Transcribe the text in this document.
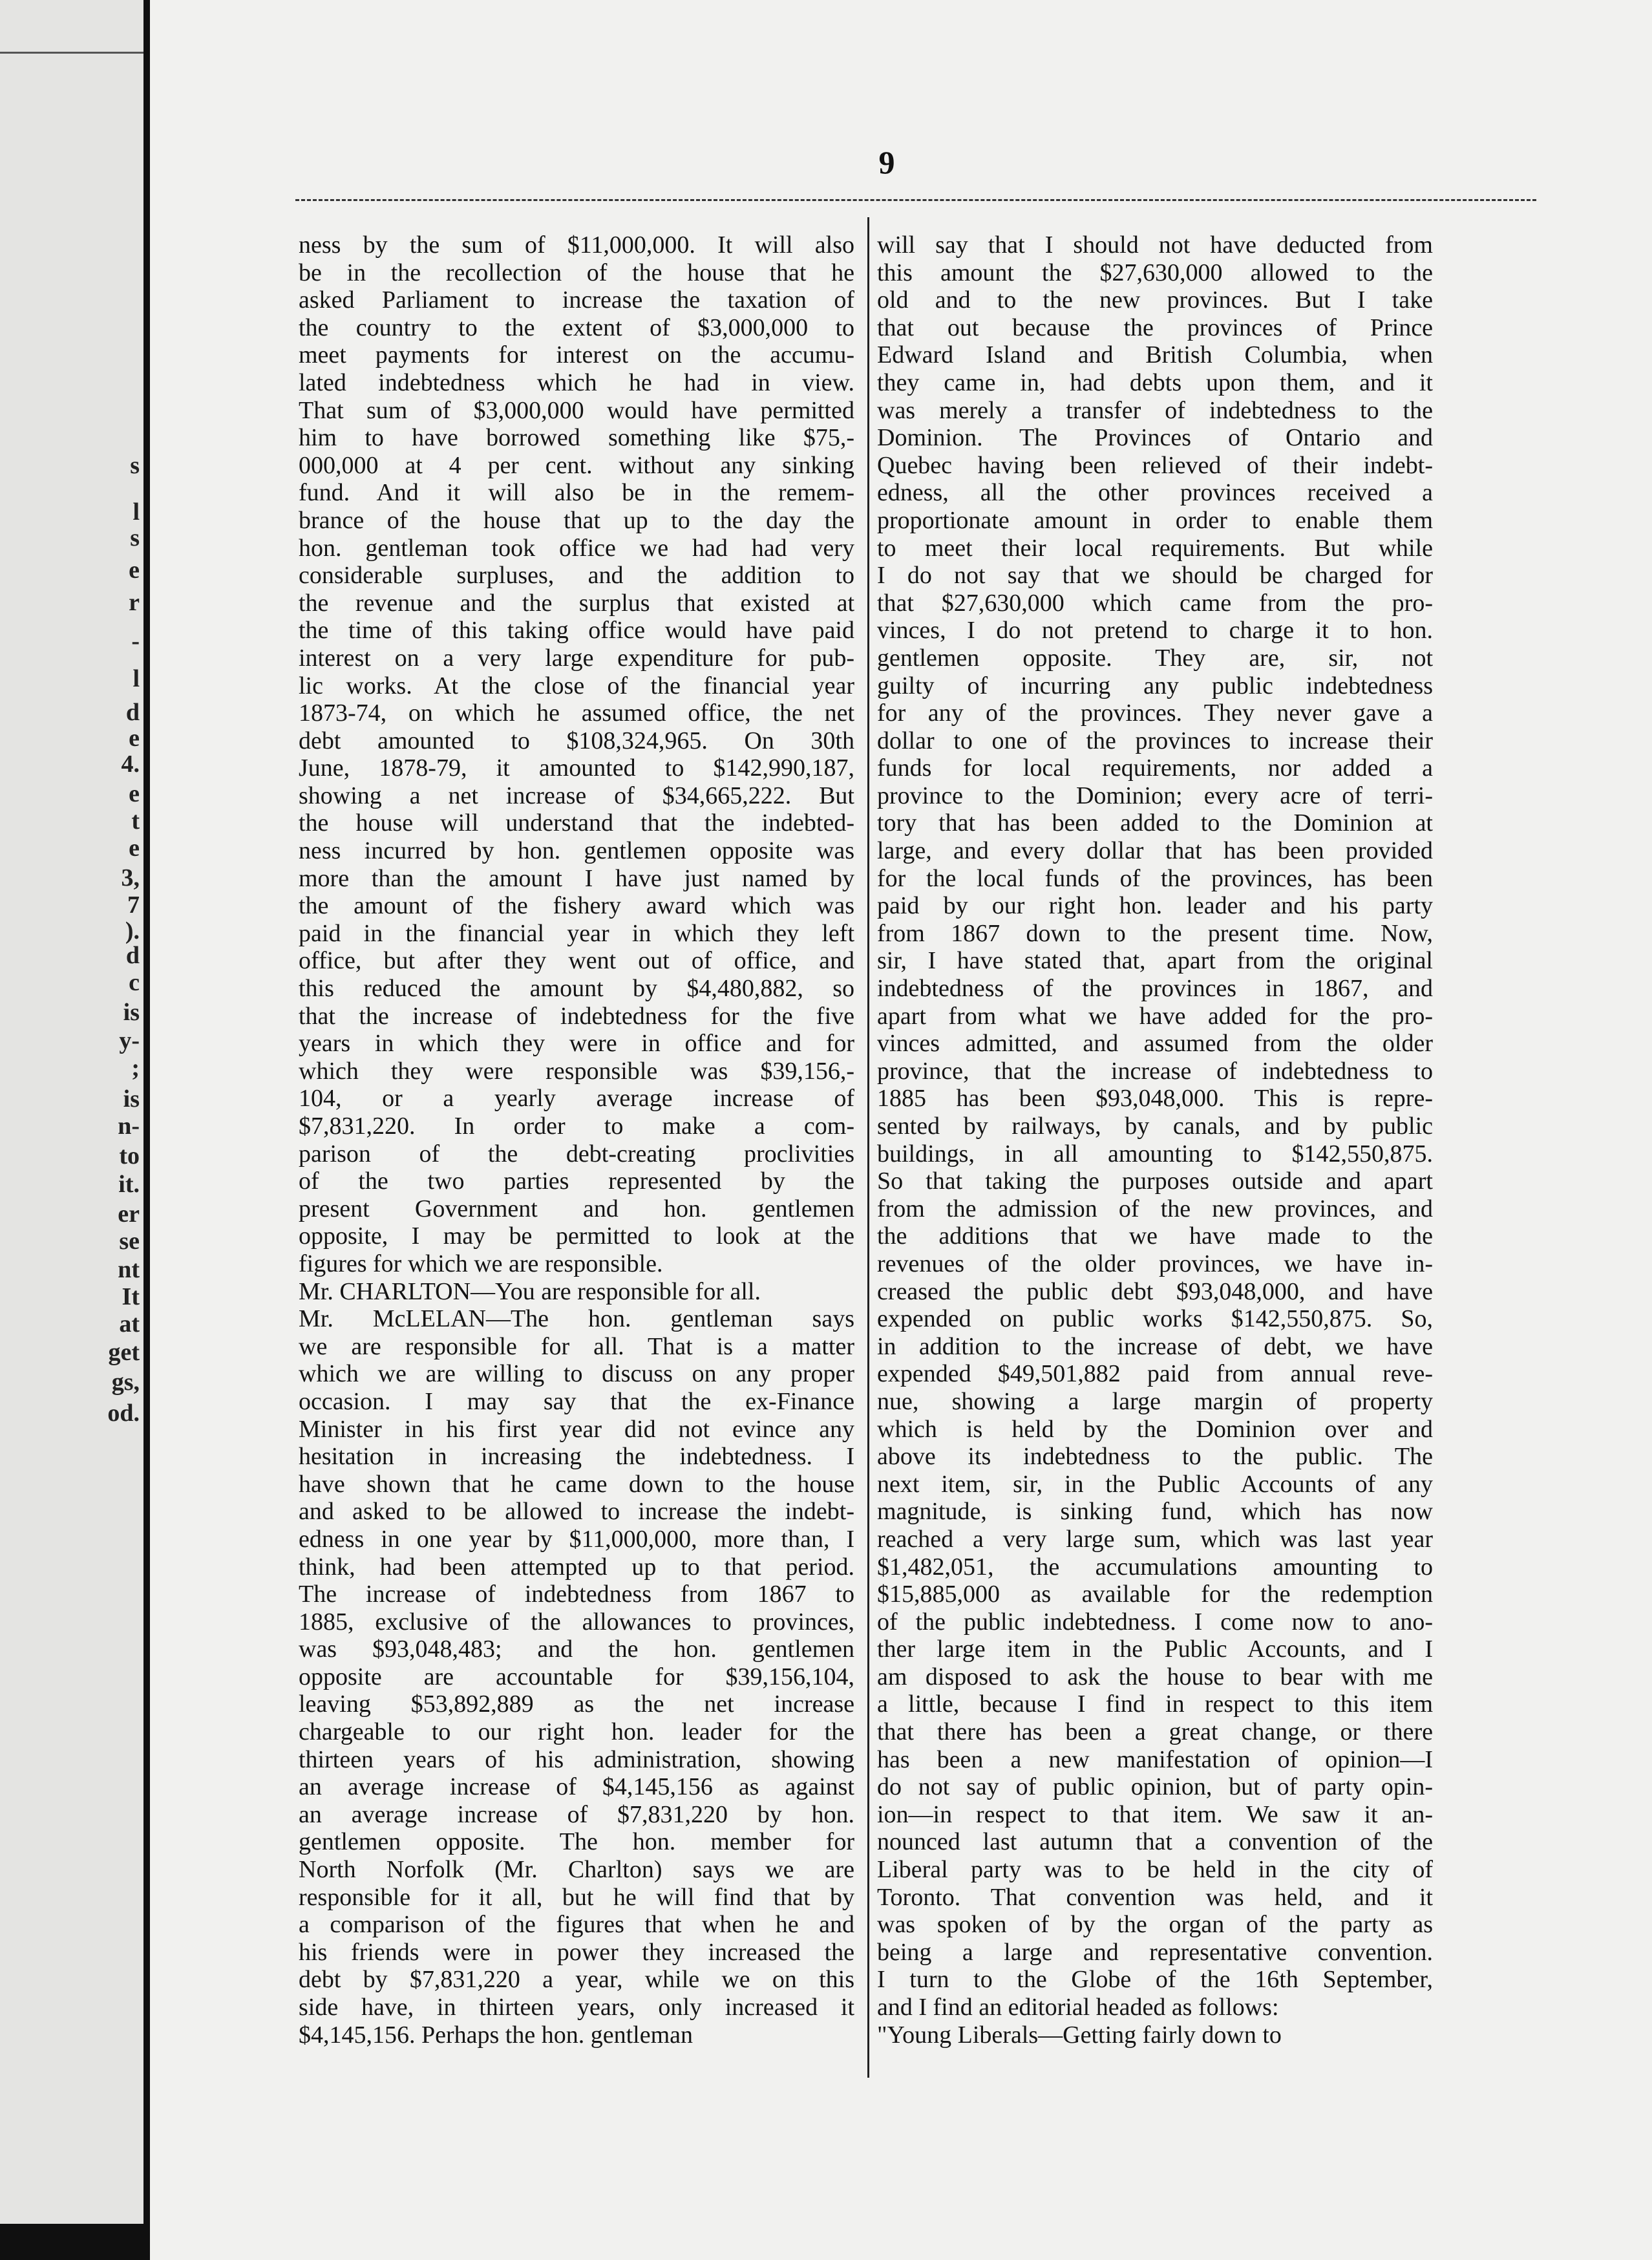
s
l
s
e
r
-
l
d
e
4.
e
t
e
3,
7
).
d
c
is
y-
;
is
n-
to
it.
er
se
nt
It
at
get
gs,
od.
9
ness by the sum of $11,000,000. It will also
be in the recollection of the house that he
asked Parliament to increase the taxation of
the country to the extent of $3,000,000 to
meet payments for interest on the accumu-
lated indebtedness which he had in view.
That sum of $3,000,000 would have permitted
him to have borrowed something like $75,-
000,000 at 4 per cent. without any sinking
fund. And it will also be in the remem-
brance of the house that up to the day the
hon. gentleman took office we had had very
considerable surpluses, and the addition to
the revenue and the surplus that existed at
the time of this taking office would have paid
interest on a very large expenditure for pub-
lic works. At the close of the financial year
1873-74, on which he assumed office, the net
debt amounted to $108,324,965. On 30th
June, 1878-79, it amounted to $142,990,187,
showing a net increase of $34,665,222. But
the house will understand that the indebted-
ness incurred by hon. gentlemen opposite was
more than the amount I have just named by
the amount of the fishery award which was
paid in the financial year in which they left
office, but after they went out of office, and
this reduced the amount by $4,480,882, so
that the increase of indebtedness for the five
years in which they were in office and for
which they were responsible was $39,156,-
104, or a yearly average increase of
$7,831,220. In order to make a com-
parison of the debt-creating proclivities
of the two parties represented by the
present Government and hon. gentlemen
opposite, I may be permitted to look at the
figures for which we are responsible.
Mr. CHARLTON—You are responsible for all.
Mr. McLELAN—The hon. gentleman says
we are responsible for all. That is a matter
which we are willing to discuss on any proper
occasion. I may say that the ex-Finance
Minister in his first year did not evince any
hesitation in increasing the indebtedness. I
have shown that he came down to the house
and asked to be allowed to increase the indebt-
edness in one year by $11,000,000, more than, I
think, had been attempted up to that period.
The increase of indebtedness from 1867 to
1885, exclusive of the allowances to provinces,
was $93,048,483; and the hon. gentlemen
opposite are accountable for $39,156,104,
leaving $53,892,889 as the net increase
chargeable to our right hon. leader for the
thirteen years of his administration, showing
an average increase of $4,145,156 as against
an average increase of $7,831,220 by hon.
gentlemen opposite. The hon. member for
North Norfolk (Mr. Charlton) says we are
responsible for it all, but he will find that by
a comparison of the figures that when he and
his friends were in power they increased the
debt by $7,831,220 a year, while we on this
side have, in thirteen years, only increased it
$4,145,156. Perhaps the hon. gentleman
will say that I should not have deducted from
this amount the $27,630,000 allowed to the
old and to the new provinces. But I take
that out because the provinces of Prince
Edward Island and British Columbia, when
they came in, had debts upon them, and it
was merely a transfer of indebtedness to the
Dominion. The Provinces of Ontario and
Quebec having been relieved of their indebt-
edness, all the other provinces received a
proportionate amount in order to enable them
to meet their local requirements. But while
I do not say that we should be charged for
that $27,630,000 which came from the pro-
vinces, I do not pretend to charge it to hon.
gentlemen opposite. They are, sir, not
guilty of incurring any public indebtedness
for any of the provinces. They never gave a
dollar to one of the provinces to increase their
funds for local requirements, nor added a
province to the Dominion; every acre of terri-
tory that has been added to the Dominion at
large, and every dollar that has been provided
for the local funds of the provinces, has been
paid by our right hon. leader and his party
from 1867 down to the present time. Now,
sir, I have stated that, apart from the original
indebtedness of the provinces in 1867, and
apart from what we have added for the pro-
vinces admitted, and assumed from the older
province, that the increase of indebtedness to
1885 has been $93,048,000. This is repre-
sented by railways, by canals, and by public
buildings, in all amounting to $142,550,875.
So that taking the purposes outside and apart
from the admission of the new provinces, and
the additions that we have made to the
revenues of the older provinces, we have in-
creased the public debt $93,048,000, and have
expended on public works $142,550,875. So,
in addition to the increase of debt, we have
expended $49,501,882 paid from annual reve-
nue, showing a large margin of property
which is held by the Dominion over and
above its indebtedness to the public. The
next item, sir, in the Public Accounts of any
magnitude, is sinking fund, which has now
reached a very large sum, which was last year
$1,482,051, the accumulations amounting to
$15,885,000 as available for the redemption
of the public indebtedness. I come now to ano-
ther large item in the Public Accounts, and I
am disposed to ask the house to bear with me
a little, because I find in respect to this item
that there has been a great change, or there
has been a new manifestation of opinion—I
do not say of public opinion, but of party opin-
ion—in respect to that item. We saw it an-
nounced last autumn that a convention of the
Liberal party was to be held in the city of
Toronto. That convention was held, and it
was spoken of by the organ of the party as
being a large and representative convention.
I turn to the Globe of the 16th September,
and I find an editorial headed as follows:
"Young Liberals—Getting fairly down to
